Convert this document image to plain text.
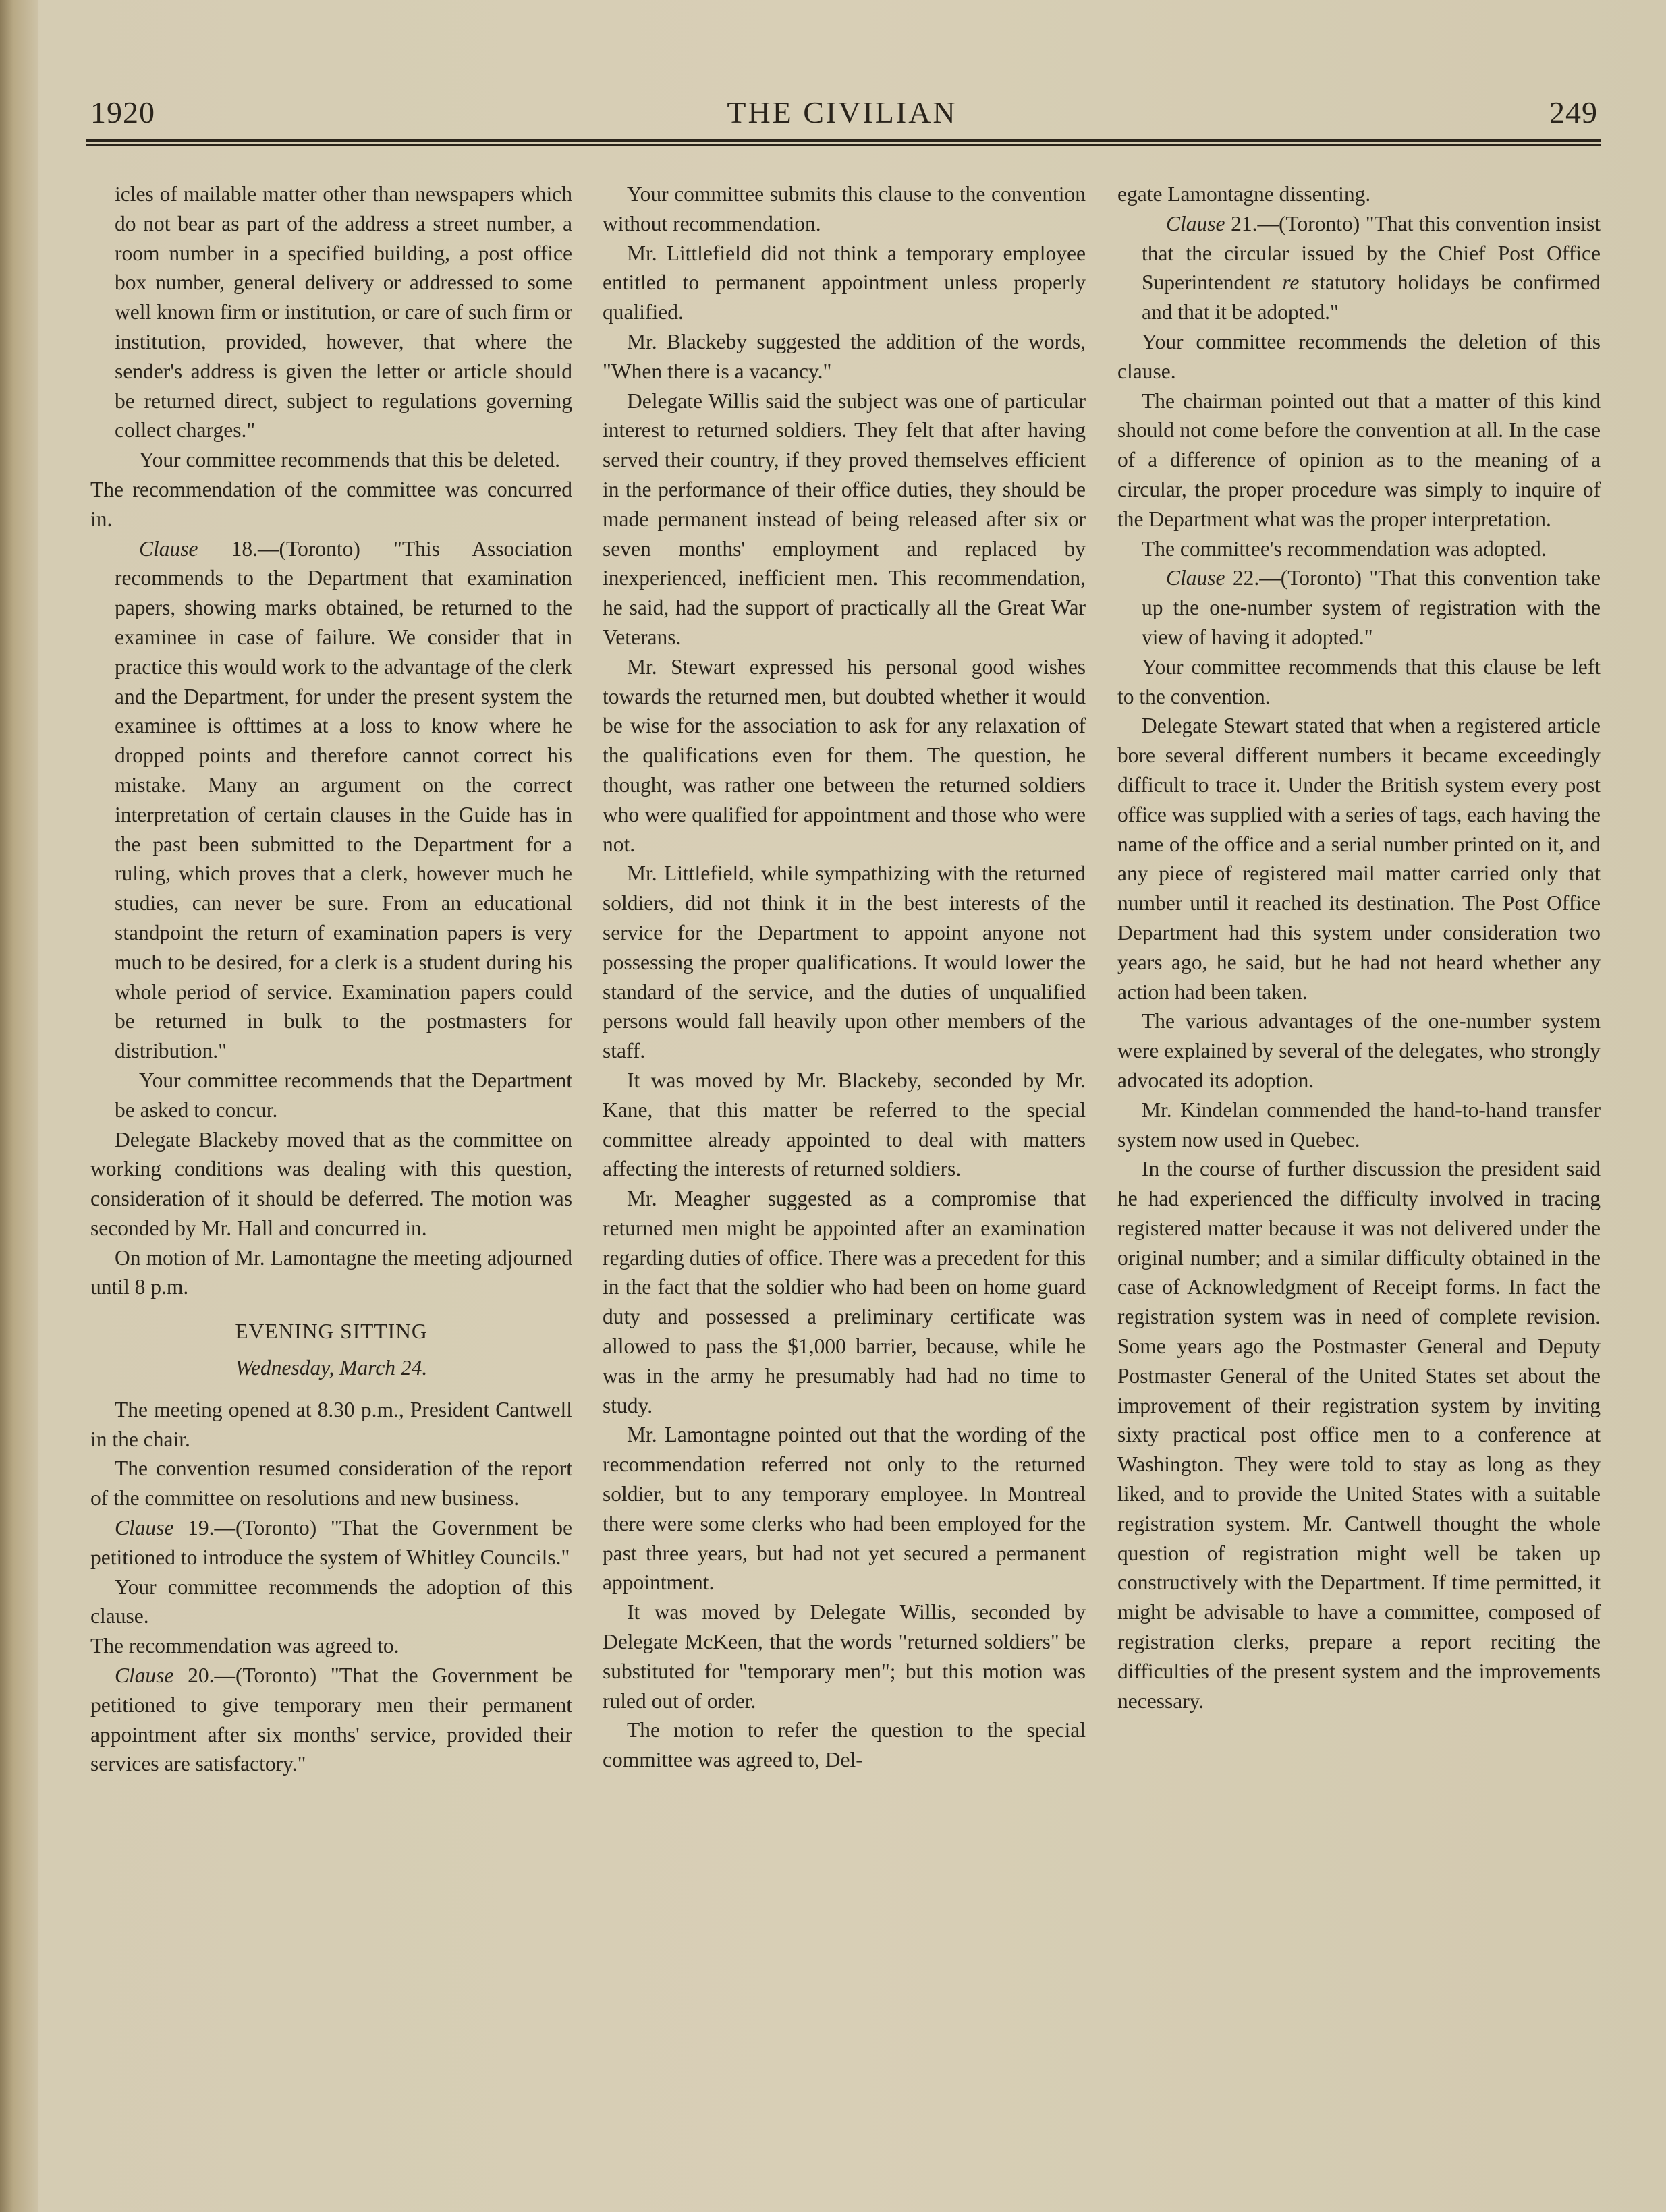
1920	THE CIVILIAN	249

icles of mailable matter other than newspapers which do not bear as part of the address a street number, a room number in a specified building, a post office box number, general delivery or addressed to some well known firm or institution, or care of such firm or institution, provided, however, that where the sender's address is given the letter or article should be returned direct, subject to regulations governing collect charges."

Your committee recommends that this be deleted.

The recommendation of the committee was concurred in.

Clause 18.—(Toronto) "This Association recommends to the Department that examination papers, showing marks obtained, be returned to the examinee in case of failure. We consider that in practice this would work to the advantage of the clerk and the Department, for under the present system the examinee is ofttimes at a loss to know where he dropped points and therefore cannot correct his mistake. Many an argument on the correct interpretation of certain clauses in the Guide has in the past been submitted to the Department for a ruling, which proves that a clerk, however much he studies, can never be sure. From an educational standpoint the return of examination papers is very much to be desired, for a clerk is a student during his whole period of service. Examination papers could be returned in bulk to the postmasters for distribution."

Your committee recommends that the Department be asked to concur.

Delegate Blackeby moved that as the committee on working conditions was dealing with this question, consideration of it should be deferred. The motion was seconded by Mr. Hall and concurred in.

On motion of Mr. Lamontagne the meeting adjourned until 8 p.m.

EVENING SITTING

Wednesday, March 24.

The meeting opened at 8.30 p.m., President Cantwell in the chair.

The convention resumed consideration of the report of the committee on resolutions and new business.

Clause 19.—(Toronto) "That the Government be petitioned to introduce the system of Whitley Councils."

Your committee recommends the adoption of this clause.

The recommendation was agreed to.

Clause 20.—(Toronto) "That the Government be petitioned to give temporary men their permanent appointment after six months' service, provided their services are satisfactory."

Your committee submits this clause to the convention without recommendation.

Mr. Littlefield did not think a temporary employee entitled to permanent appointment unless properly qualified.

Mr. Blackeby suggested the addition of the words, "When there is a vacancy."

Delegate Willis said the subject was one of particular interest to returned soldiers. They felt that after having served their country, if they proved themselves efficient in the performance of their office duties, they should be made permanent instead of being released after six or seven months' employment and replaced by inexperienced, inefficient men. This recommendation, he said, had the support of practically all the Great War Veterans.

Mr. Stewart expressed his personal good wishes towards the returned men, but doubted whether it would be wise for the association to ask for any relaxation of the qualifications even for them. The question, he thought, was rather one between the returned soldiers who were qualified for appointment and those who were not.

Mr. Littlefield, while sympathizing with the returned soldiers, did not think it in the best interests of the service for the Department to appoint anyone not possessing the proper qualifications. It would lower the standard of the service, and the duties of unqualified persons would fall heavily upon other members of the staff.

It was moved by Mr. Blackeby, seconded by Mr. Kane, that this matter be referred to the special committee already appointed to deal with matters affecting the interests of returned soldiers.

Mr. Meagher suggested as a compromise that returned men might be appointed after an examination regarding duties of office. There was a precedent for this in the fact that the soldier who had been on home guard duty and possessed a preliminary certificate was allowed to pass the $1,000 barrier, because, while he was in the army he presumably had had no time to study.

Mr. Lamontagne pointed out that the wording of the recommendation referred not only to the returned soldier, but to any temporary employee. In Montreal there were some clerks who had been employed for the past three years, but had not yet secured a permanent appointment.

It was moved by Delegate Willis, seconded by Delegate McKeen, that the words "returned soldiers" be substituted for "temporary men"; but this motion was ruled out of order.

The motion to refer the question to the special committee was agreed to, Del-

egate Lamontagne dissenting.

Clause 21.—(Toronto) "That this convention insist that the circular issued by the Chief Post Office Superintendent re statutory holidays be confirmed and that it be adopted."

Your committee recommends the deletion of this clause.

The chairman pointed out that a matter of this kind should not come before the convention at all. In the case of a difference of opinion as to the meaning of a circular, the proper procedure was simply to inquire of the Department what was the proper interpretation.

The committee's recommendation was adopted.

Clause 22.—(Toronto) "That this convention take up the one-number system of registration with the view of having it adopted."

Your committee recommends that this clause be left to the convention.

Delegate Stewart stated that when a registered article bore several different numbers it became exceedingly difficult to trace it. Under the British system every post office was supplied with a series of tags, each having the name of the office and a serial number printed on it, and any piece of registered mail matter carried only that number until it reached its destination. The Post Office Department had this system under consideration two years ago, he said, but he had not heard whether any action had been taken.

The various advantages of the one-number system were explained by several of the delegates, who strongly advocated its adoption.

Mr. Kindelan commended the hand-to-hand transfer system now used in Quebec.

In the course of further discussion the president said he had experienced the difficulty involved in tracing registered matter because it was not delivered under the original number; and a similar difficulty obtained in the case of Acknowledgment of Receipt forms. In fact the registration system was in need of complete revision. Some years ago the Postmaster General and Deputy Postmaster General of the United States set about the improvement of their registration system by inviting sixty practical post office men to a conference at Washington. They were told to stay as long as they liked, and to provide the United States with a suitable registration system. Mr. Cantwell thought the whole question of registration might well be taken up constructively with the Department. If time permitted, it might be advisable to have a committee, composed of registration clerks, prepare a report reciting the difficulties of the present system and the improvements necessary.
